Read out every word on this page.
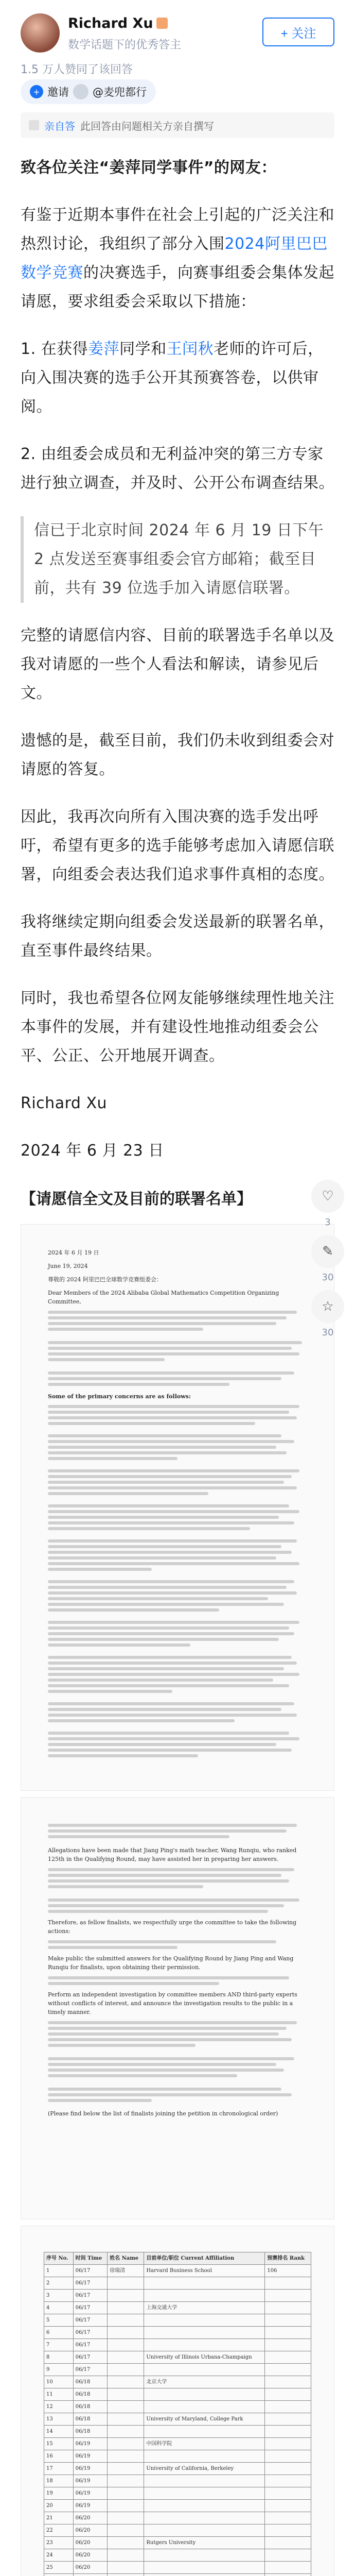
Richard Xu
数学话题下的优秀答主
+ 关注
1.5 万人赞同了该回答
+ 邀请 @麦兜都行
亲自答 此回答由问题相关方亲自撰写

致各位关注“姜萍同学事件”的网友：

有鉴于近期本事件在社会上引起的广泛关注和热烈讨论，我组织了部分入围2024阿里巴巴数学竞赛的决赛选手，向赛事组委会集体发起请愿，要求组委会采取以下措施：

1. 在获得姜萍同学和王闰秋老师的许可后，向入围决赛的选手公开其预赛答卷，以供审阅。

2. 由组委会成员和无利益冲突的第三方专家进行独立调查，并及时、公开公布调查结果。

信已于北京时间 2024 年 6 月 19 日下午 2 点发送至赛事组委会官方邮箱；截至目前，共有 39 位选手加入请愿信联署。

完整的请愿信内容、目前的联署选手名单以及我对请愿的一些个人看法和解读，请参见后文。

遗憾的是，截至目前，我们仍未收到组委会对请愿的答复。

因此，我再次向所有入围决赛的选手发出呼吁，希望有更多的选手能够考虑加入请愿信联署，向组委会表达我们追求事件真相的态度。

我将继续定期向组委会发送最新的联署名单，直至事件最终结果。

同时，我也希望各位网友能够继续理性地关注本事件的发展，并有建设性地推动组委会公平、公正、公开地展开调查。

Richard Xu

2024 年 6 月 23 日

【请愿信全文及目前的联署名单】
2024 年 6 月 19 日
June 19, 2024
尊敬的 2024 阿里巴巴全球数学竞赛组委会：
Dear Members of the 2024 Alibaba Global Mathematics Competition Organizing Committee,
Some of the primary concerns are as follows:
Allegations have been made that Jiang Ping's math teacher, Wang Runqiu, who ranked 125th in the Qualifying Round, may have assisted her in preparing her answers.
Therefore, as fellow finalists, we respectfully urge the committee to take the following actions:
Make public the submitted answers for the Qualifying Round by Jiang Ping and Wang Runqiu for finalists, upon obtaining their permission.
Perform an independent investigation by committee members AND third-party experts without conflicts of interest, and announce the investigation results to the public in a timely manner.
(Please find below the list of finalists joining the petition in chronological order)
序号 No.	时间 Time	姓名 Name	目前单位/职位 Current Affiliation	预赛排名 Rank
1	06/17	徐瑞清	Harvard Business School	106
2	06/17			
3	06/17			
4	06/17		上海交通大学	
5	06/17			
6	06/17			
7	06/17			
8	06/17		University of Illinois Urbana-Champaign	
9	06/17			
10	06/18		北京大学	
11	06/18			
12	06/18			
13	06/18		University of Maryland, College Park	
14	06/18			
15	06/19		中国科学院	
16	06/19			
17	06/19		University of California, Berkeley	
18	06/19			
19	06/19			
20	06/19			
21	06/20			
22	06/20			
23	06/20		Rutgers University	
24	06/20			
25	06/20			

♡
3
✎
30
☆
30
